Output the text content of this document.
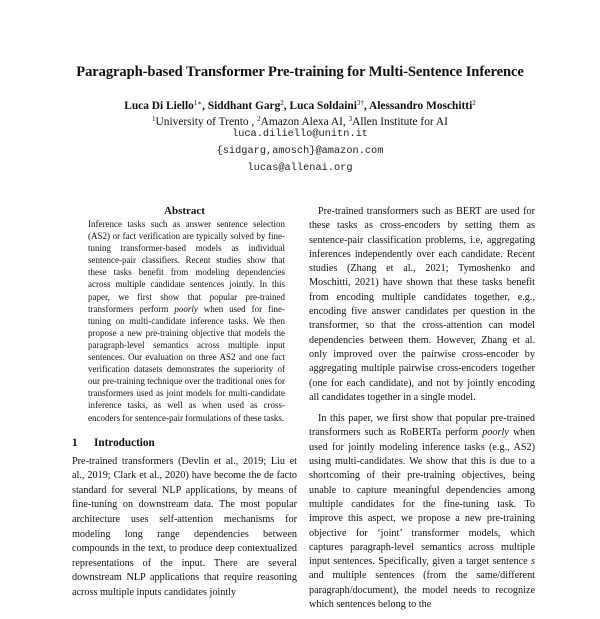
Paragraph-based Transformer Pre-training for Multi-Sentence Inference
Luca Di Liello$^{1∗}$, Siddhant Garg$^2$, Luca Soldaini$^{3\dagger}$, Alessandro Moschitti$^2$
$^1$University of Trento , $^2$Amazon Alexa AI, $^3$Allen Institute for AI
luca.diliello@unitn.it
{sidgarg,amosch}@amazon.com
lucas@allenai.org
Abstract
Inference tasks such as answer sentence selection (AS2) or fact verification are typically solved by fine-tuning transformer-based models as individual sentence-pair classifiers. Recent studies show that these tasks benefit from modeling dependencies across multiple candidate sentences jointly. In this paper, we first show that popular pre-trained transformers perform poorly when used for fine-tuning on multi-candidate inference tasks. We then propose a new pre-training objective that models the paragraph-level semantics across multiple input sentences. Our evaluation on three AS2 and one fact verification datasets demonstrates the superiority of our pre-training technique over the traditional ones for transformers used as joint models for multi-candidate inference tasks, as well as when used as cross-encoders for sentence-pair formulations of these tasks.
1 Introduction
Pre-trained transformers (Devlin et al., 2019; Liu et al., 2019; Clark et al., 2020) have become the de facto standard for several NLP applications, by means of fine-tuning on downstream data. The most popular architecture uses self-attention mechanisms for modeling long range dependencies between compounds in the text, to produce deep contextualized representations of the input. There are several downstream NLP applications that require reasoning across multiple inputs candidates jointly

Pre-trained transformers such as BERT are used for these tasks as cross-encoders by setting them as sentence-pair classification problems, i.e, aggregating inferences independently over each candidate. Recent studies (Zhang et al., 2021; Tymoshenko and Moschitti, 2021) have shown that these tasks benefit from encoding multiple candidates together, e.g., encoding five answer candidates per question in the transformer, so that the cross-attention can model dependencies between them. However, Zhang et al. only improved over the pairwise cross-encoder by aggregating multiple pairwise cross-encoders together (one for each candidate), and not by jointly encoding all candidates together in a single model.

In this paper, we first show that popular pre-trained transformers such as RoBERTa perform poorly when used for jointly modeling inference tasks (e.g., AS2) using multi-candidates. We show that this is due to a shortcoming of their pre-training objectives, being unable to capture meaningful dependencies among multiple candidates for the fine-tuning task. To improve this aspect, we propose a new pre-training objective for ‘joint’ transformer models, which captures paragraph-level semantics across multiple input sentences. Specifically, given a target sentence s and multiple sentences (from the same/different paragraph/document), the model needs to recognize which sentences belong to the
